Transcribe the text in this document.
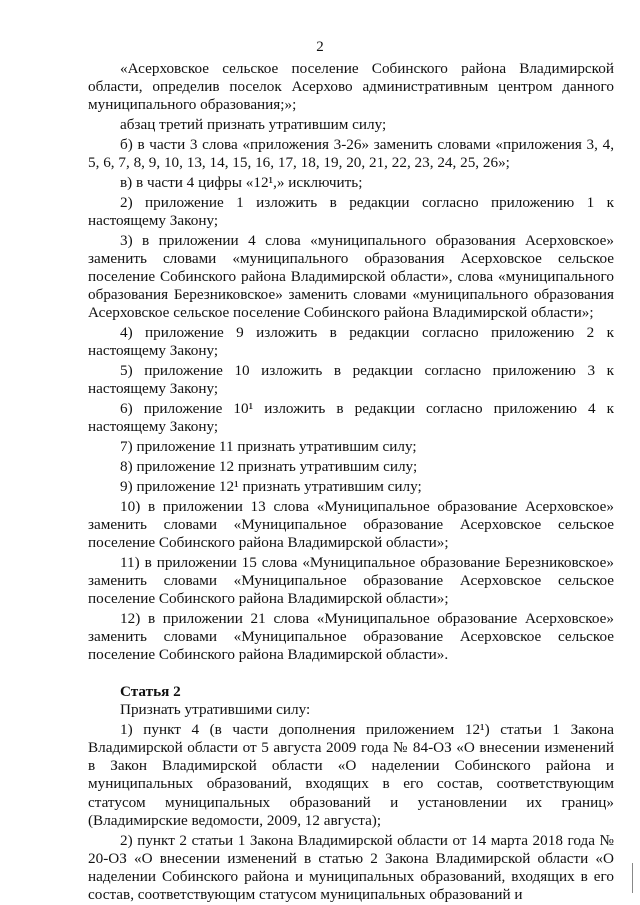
2

«Асерховское сельское поселение Собинского района Владимирской области, определив поселок Асерхово административным центром данного муниципального образования;»;

абзац третий признать утратившим силу;

б) в части 3 слова «приложения 3-26» заменить словами «приложения 3, 4, 5, 6, 7, 8, 9, 10, 13, 14, 15, 16, 17, 18, 19, 20, 21, 22, 23, 24, 25, 26»;

в) в части 4 цифры «12¹,» исключить;

2) приложение 1 изложить в редакции согласно приложению 1 к настоящему Закону;

3) в приложении 4 слова «муниципального образования Асерховское» заменить словами «муниципального образования Асерховское сельское поселение Собинского района Владимирской области», слова «муниципального образования Березниковское» заменить словами «муниципального образования Асерховское сельское поселение Собинского района Владимирской области»;

4) приложение 9 изложить в редакции согласно приложению 2 к настоящему Закону;

5) приложение 10 изложить в редакции согласно приложению 3 к настоящему Закону;

6) приложение 10¹ изложить в редакции согласно приложению 4 к настоящему Закону;

7) приложение 11 признать утратившим силу;

8) приложение 12 признать утратившим силу;

9) приложение 12¹ признать утратившим силу;

10) в приложении 13 слова «Муниципальное образование Асерховское» заменить словами «Муниципальное образование Асерховское сельское поселение Собинского района Владимирской области»;

11) в приложении 15 слова «Муниципальное образование Березниковское» заменить словами «Муниципальное образование Асерховское сельское поселение Собинского района Владимирской области»;

12) в приложении 21 слова «Муниципальное образование Асерховское» заменить словами «Муниципальное образование Асерховское сельское поселение Собинского района Владимирской области».

Статья 2

Признать утратившими силу:

1) пункт 4 (в части дополнения приложением 12¹) статьи 1 Закона Владимирской области от 5 августа 2009 года № 84-ОЗ «О внесении изменений в Закон Владимирской области «О наделении Собинского района и муниципальных образований, входящих в его состав, соответствующим статусом муниципальных образований и установлении их границ» (Владимирские ведомости, 2009, 12 августа);

2) пункт 2 статьи 1 Закона Владимирской области от 14 марта 2018 года № 20-ОЗ «О внесении изменений в статью 2 Закона Владимирской области «О наделении Собинского района и муниципальных образований, входящих в его состав, соответствующим статусом муниципальных образований и
